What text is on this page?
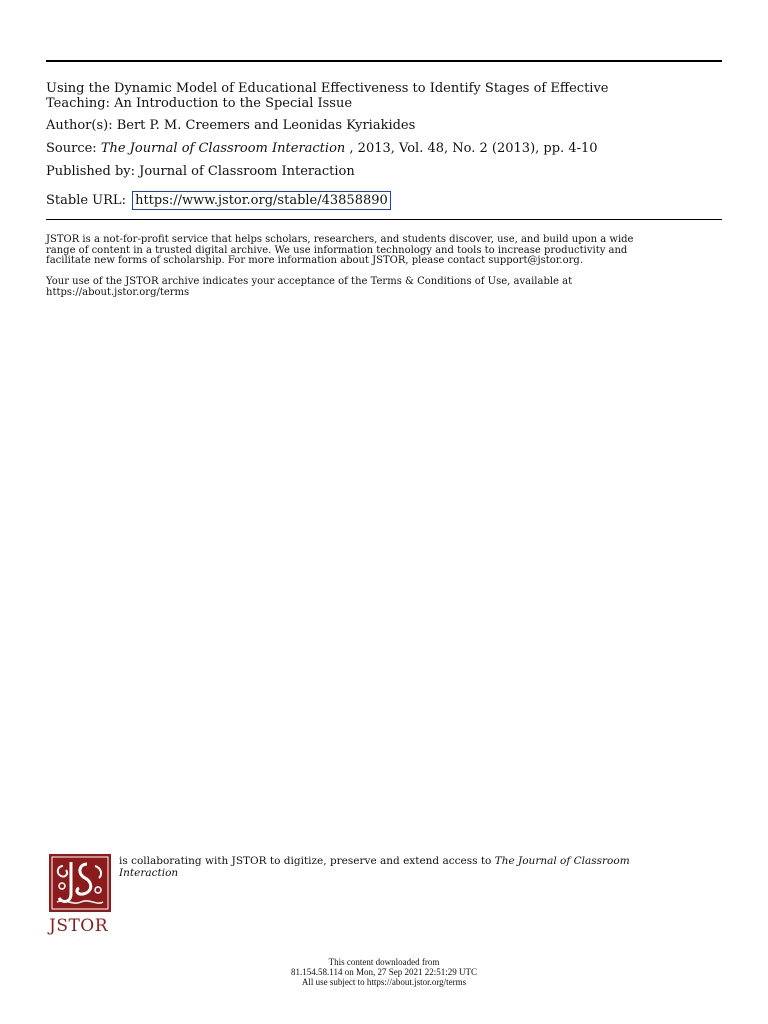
Using the Dynamic Model of Educational Effectiveness to Identify Stages of Effective
Teaching: An Introduction to the Special Issue
Author(s): Bert P. M. Creemers and Leonidas Kyriakides
Source: The Journal of Classroom Interaction , 2013, Vol. 48, No. 2 (2013), pp. 4-10
Published by: Journal of Classroom Interaction
Stable URL: https://www.jstor.org/stable/43858890
JSTOR is a not-for-profit service that helps scholars, researchers, and students discover, use, and build upon a wide
range of content in a trusted digital archive. We use information technology and tools to increase productivity and
facilitate new forms of scholarship. For more information about JSTOR, please contact support@jstor.org.
Your use of the JSTOR archive indicates your acceptance of the Terms & Conditions of Use, available at
https://about.jstor.org/terms
JSTOR
is collaborating with JSTOR to digitize, preserve and extend access to The Journal of Classroom Interaction
This content downloaded from
81.154.58.114 on Mon, 27 Sep 2021 22:51:29 UTC
All use subject to https://about.jstor.org/terms
